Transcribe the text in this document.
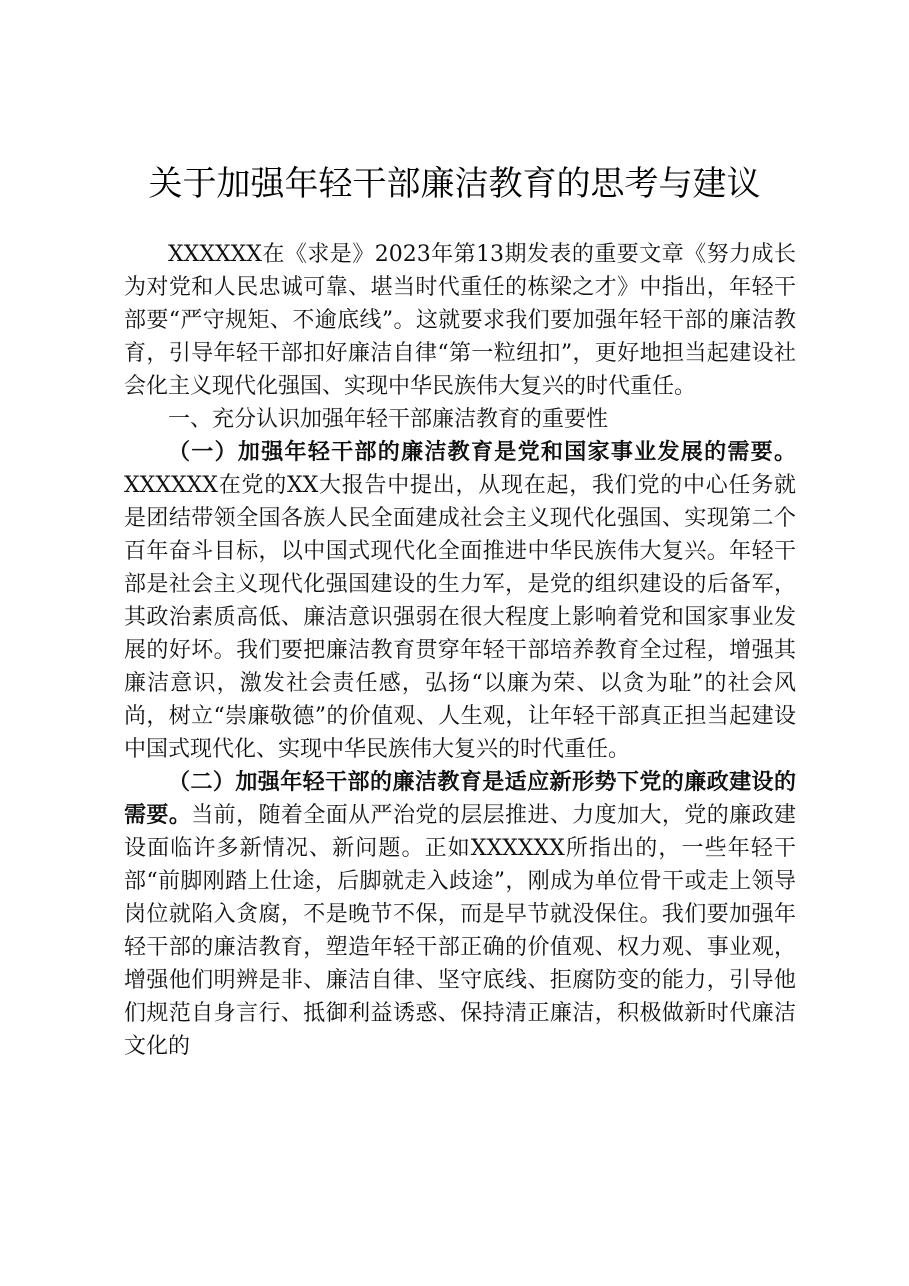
关于加强年轻干部廉洁教育的思考与建议

XXXXXX在《求是》2023年第13期发表的重要文章《努力成长为对党和人民忠诚可靠、堪当时代重任的栋梁之才》中指出，年轻干部要“严守规矩、不逾底线”。这就要求我们要加强年轻干部的廉洁教育，引导年轻干部扣好廉洁自律“第一粒纽扣”，更好地担当起建设社会化主义现代化强国、实现中华民族伟大复兴的时代重任。

一、充分认识加强年轻干部廉洁教育的重要性

（一）加强年轻干部的廉洁教育是党和国家事业发展的需要。XXXXXX在党的XX大报告中提出，从现在起，我们党的中心任务就是团结带领全国各族人民全面建成社会主义现代化强国、实现第二个百年奋斗目标，以中国式现代化全面推进中华民族伟大复兴。年轻干部是社会主义现代化强国建设的生力军，是党的组织建设的后备军，其政治素质高低、廉洁意识强弱在很大程度上影响着党和国家事业发展的好坏。我们要把廉洁教育贯穿年轻干部培养教育全过程，增强其廉洁意识，激发社会责任感，弘扬“以廉为荣、以贪为耻”的社会风尚，树立“崇廉敬德”的价值观、人生观，让年轻干部真正担当起建设中国式现代化、实现中华民族伟大复兴的时代重任。

（二）加强年轻干部的廉洁教育是适应新形势下党的廉政建设的需要。当前，随着全面从严治党的层层推进、力度加大，党的廉政建设面临许多新情况、新问题。正如XXXXXX所指出的，一些年轻干部“前脚刚踏上仕途，后脚就走入歧途”，刚成为单位骨干或走上领导岗位就陷入贪腐，不是晚节不保，而是早节就没保住。我们要加强年轻干部的廉洁教育，塑造年轻干部正确的价值观、权力观、事业观，增强他们明辨是非、廉洁自律、坚守底线、拒腐防变的能力，引导他们规范自身言行、抵御利益诱惑、保持清正廉洁，积极做新时代廉洁文化的
